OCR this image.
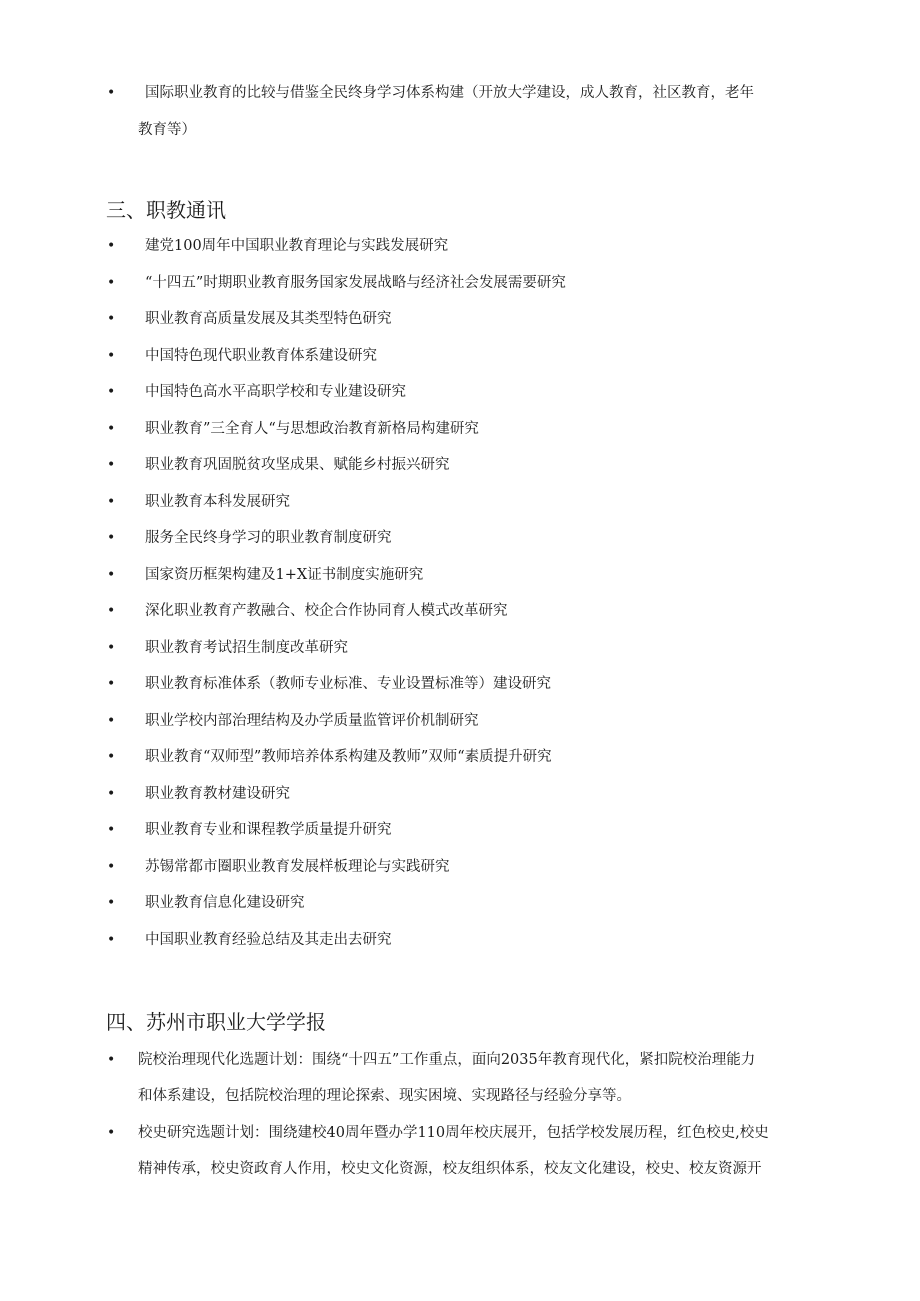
• 国际职业教育的比较与借鉴全民终身学习体系构建（开放大学建设，成人教育，社区教育，老年
教育等）
三、职教通讯
• 建党100周年中国职业教育理论与实践发展研究
• “十四五”时期职业教育服务国家发展战略与经济社会发展需要研究
• 职业教育高质量发展及其类型特色研究
• 中国特色现代职业教育体系建设研究
• 中国特色高水平高职学校和专业建设研究
• 职业教育”三全育人“与思想政治教育新格局构建研究
• 职业教育巩固脱贫攻坚成果、赋能乡村振兴研究
• 职业教育本科发展研究
• 服务全民终身学习的职业教育制度研究
• 国家资历框架构建及1+X证书制度实施研究
• 深化职业教育产教融合、校企合作协同育人模式改革研究
• 职业教育考试招生制度改革研究
• 职业教育标准体系（教师专业标准、专业设置标准等）建设研究
• 职业学校内部治理结构及办学质量监管评价机制研究
• 职业教育“双师型”教师培养体系构建及教师”双师“素质提升研究
• 职业教育教材建设研究
• 职业教育专业和课程教学质量提升研究
• 苏锡常都市圈职业教育发展样板理论与实践研究
• 职业教育信息化建设研究
• 中国职业教育经验总结及其走出去研究
四、苏州市职业大学学报
• 院校治理现代化选题计划：围绕“十四五”工作重点，面向2035年教育现代化，紧扣院校治理能力
和体系建设，包括院校治理的理论探索、现实困境、实现路径与经验分享等。
• 校史研究选题计划：围绕建校40周年暨办学110周年校庆展开，包括学校发展历程，红色校史,校史
精神传承，校史资政育人作用，校史文化资源，校友组织体系，校友文化建设，校史、校友资源开
